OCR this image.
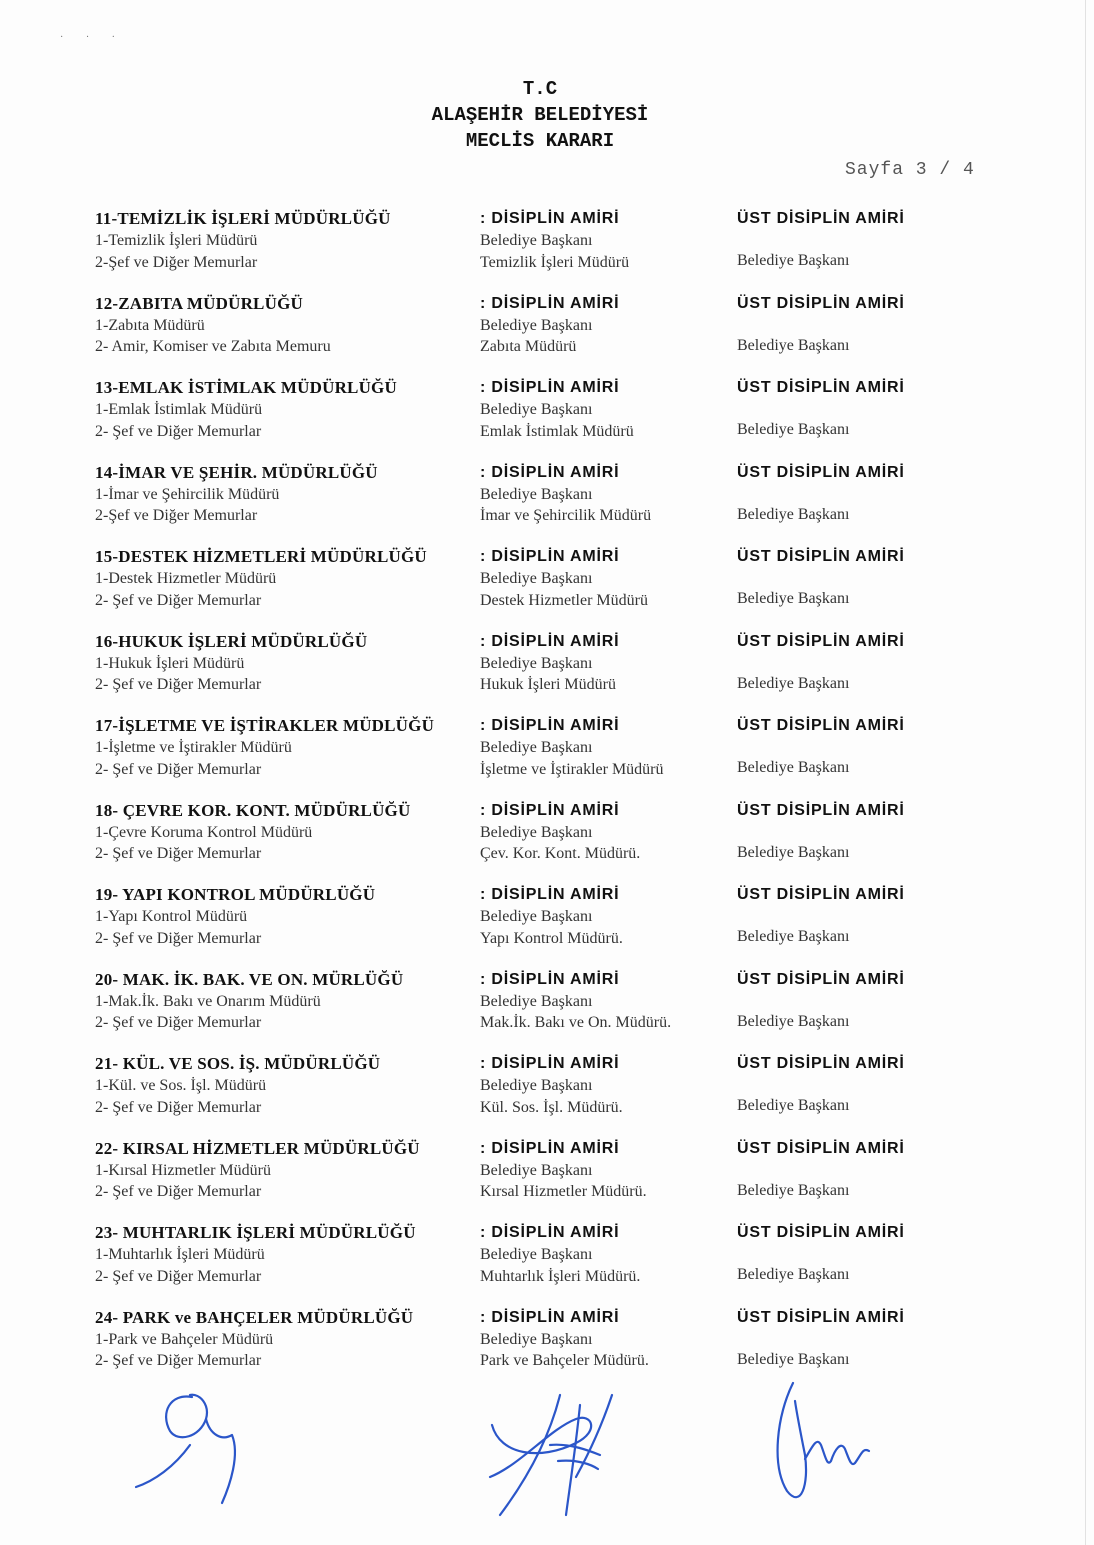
· · ·
T.C
ALAŞEHİR BELEDİYESİ
MECLİS KARARI
Sayfa 3 / 4
11-TEMİZLİK İŞLERİ MÜDÜRLÜĞÜ
1-Temizlik İşleri Müdürü
2-Şef ve Diğer Memurlar
: DİSİPLİN AMİRİ
Belediye Başkanı
Temizlik İşleri Müdürü
ÜST DİSİPLİN AMİRİ
Belediye Başkanı
12-ZABITA MÜDÜRLÜĞÜ
1-Zabıta Müdürü
2- Amir, Komiser ve Zabıta Memuru
: DİSİPLİN AMİRİ
Belediye Başkanı
Zabıta Müdürü
ÜST DİSİPLİN AMİRİ
Belediye Başkanı
13-EMLAK İSTİMLAK MÜDÜRLÜĞÜ
1-Emlak İstimlak Müdürü
2- Şef ve Diğer Memurlar
: DİSİPLİN AMİRİ
Belediye Başkanı
Emlak İstimlak Müdürü
ÜST DİSİPLİN AMİRİ
Belediye Başkanı
14-İMAR VE ŞEHİR. MÜDÜRLÜĞÜ
1-İmar ve Şehircilik Müdürü
2-Şef ve Diğer Memurlar
: DİSİPLİN AMİRİ
Belediye Başkanı
İmar ve Şehircilik Müdürü
ÜST DİSİPLİN AMİRİ
Belediye Başkanı
15-DESTEK HİZMETLERİ MÜDÜRLÜĞÜ
1-Destek Hizmetler Müdürü
2- Şef ve Diğer Memurlar
: DİSİPLİN AMİRİ
Belediye Başkanı
Destek Hizmetler Müdürü
ÜST DİSİPLİN AMİRİ
Belediye Başkanı
16-HUKUK İŞLERİ MÜDÜRLÜĞÜ
1-Hukuk İşleri Müdürü
2- Şef ve Diğer Memurlar
: DİSİPLİN AMİRİ
Belediye Başkanı
Hukuk İşleri Müdürü
ÜST DİSİPLİN AMİRİ
Belediye Başkanı
17-İŞLETME VE İŞTİRAKLER MÜDLÜĞÜ
1-İşletme ve İştirakler Müdürü
2- Şef ve Diğer Memurlar
: DİSİPLİN AMİRİ
Belediye Başkanı
İşletme ve İştirakler Müdürü
ÜST DİSİPLİN AMİRİ
Belediye Başkanı
18- ÇEVRE KOR. KONT. MÜDÜRLÜĞÜ
1-Çevre Koruma Kontrol Müdürü
2- Şef ve Diğer Memurlar
: DİSİPLİN AMİRİ
Belediye Başkanı
Çev. Kor. Kont. Müdürü.
ÜST DİSİPLİN AMİRİ
Belediye Başkanı
19- YAPI KONTROL MÜDÜRLÜĞÜ
1-Yapı Kontrol Müdürü
2- Şef ve Diğer Memurlar
: DİSİPLİN AMİRİ
Belediye Başkanı
Yapı Kontrol Müdürü.
ÜST DİSİPLİN AMİRİ
Belediye Başkanı
20- MAK. İK. BAK. VE ON. MÜRLÜĞÜ
1-Mak.İk. Bakı ve Onarım Müdürü
2- Şef ve Diğer Memurlar
: DİSİPLİN AMİRİ
Belediye Başkanı
Mak.İk. Bakı ve On. Müdürü.
ÜST DİSİPLİN AMİRİ
Belediye Başkanı
21- KÜL. VE SOS. İŞ. MÜDÜRLÜĞÜ
1-Kül. ve Sos. İşl. Müdürü
2- Şef ve Diğer Memurlar
: DİSİPLİN AMİRİ
Belediye Başkanı
Kül. Sos. İşl. Müdürü.
ÜST DİSİPLİN AMİRİ
Belediye Başkanı
22- KIRSAL HİZMETLER MÜDÜRLÜĞÜ
1-Kırsal Hizmetler Müdürü
2- Şef ve Diğer Memurlar
: DİSİPLİN AMİRİ
Belediye Başkanı
Kırsal Hizmetler Müdürü.
ÜST DİSİPLİN AMİRİ
Belediye Başkanı
23- MUHTARLIK İŞLERİ MÜDÜRLÜĞÜ
1-Muhtarlık İşleri Müdürü
2- Şef ve Diğer Memurlar
: DİSİPLİN AMİRİ
Belediye Başkanı
Muhtarlık İşleri Müdürü.
ÜST DİSİPLİN AMİRİ
Belediye Başkanı
24- PARK ve BAHÇELER MÜDÜRLÜĞÜ
1-Park ve Bahçeler Müdürü
2- Şef ve Diğer Memurlar
: DİSİPLİN AMİRİ
Belediye Başkanı
Park ve Bahçeler Müdürü.
ÜST DİSİPLİN AMİRİ
Belediye Başkanı
